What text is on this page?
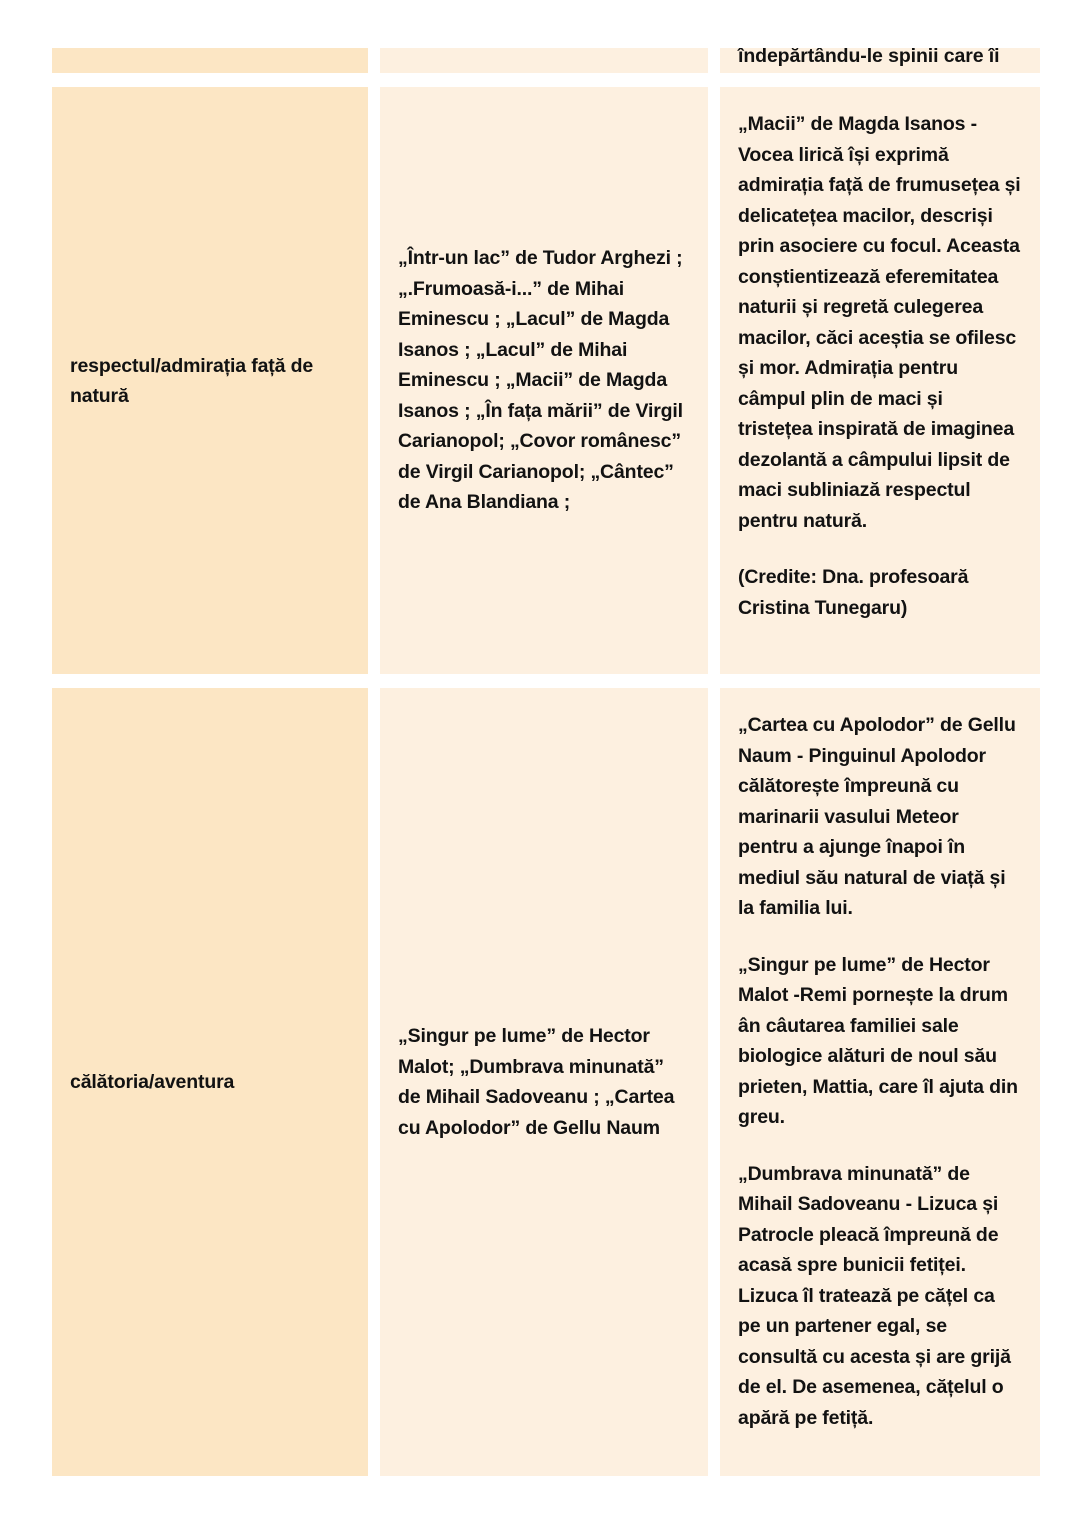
îndepărtându-le spinii care îi
respectul/admirația față de natură

„Într-un lac” de Tudor Arghezi ; „.Frumoasă-i...” de Mihai Eminescu ; „Lacul” de Magda Isanos ; „Lacul” de Mihai Eminescu ; „Macii” de Magda Isanos ; „În fața mării” de Virgil Carianopol; „Covor românesc” de Virgil Carianopol; „Cântec” de Ana Blandiana ;

„Macii” de Magda Isanos - Vocea lirică își exprimă admirația față de frumusețea și delicatețea macilor, descriși prin asociere cu focul. Aceasta conștientizează eferemitatea naturii și regretă culegerea macilor, căci aceștia se ofilesc și mor. Admirația pentru câmpul plin de maci și tristețea inspirată de imaginea dezolantă a câmpului lipsit de maci subliniază respectul pentru natură.

(Credite: Dna. profesoară Cristina Tunegaru)

călătoria/aventura

„Singur pe lume” de Hector Malot; „Dumbrava minunată” de Mihail Sadoveanu ; „Cartea cu Apolodor” de Gellu Naum

„Cartea cu Apolodor” de Gellu Naum - Pinguinul Apolodor călătorește împreună cu marinarii vasului Meteor pentru a ajunge înapoi în mediul său natural de viață și la familia lui.

„Singur pe lume” de Hector Malot -Remi pornește la drum ân câutarea familiei sale biologice alături de noul său prieten, Mattia, care îl ajuta din greu.

„Dumbrava minunată” de Mihail Sadoveanu - Lizuca și Patrocle pleacă împreună de acasă spre bunicii fetiței. Lizuca îl tratează pe cățel ca pe un partener egal, se consultă cu acesta și are grijă de el. De asemenea, cățelul o apără pe fetiță.
